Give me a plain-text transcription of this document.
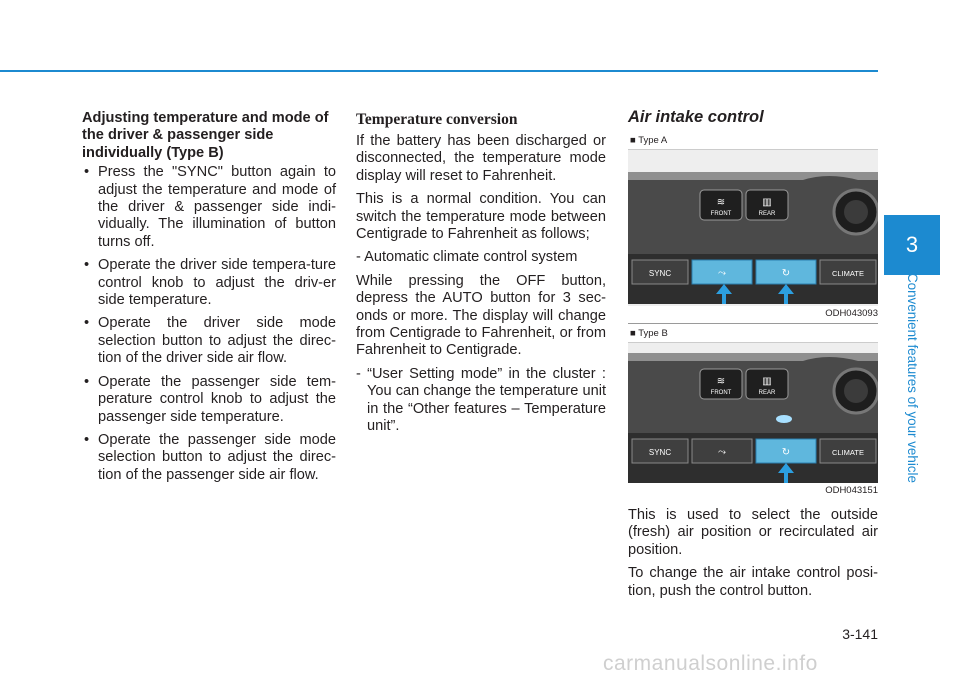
Adjusting temperature and mode of the driver & passenger side individually (Type B)
• Press the "SYNC" button again to adjust the temperature and mode of the driver & passenger side indi-vidually. The illumination of button turns off.
• Operate the driver side tempera-ture control knob to adjust the driv-er side temperature.
• Operate the driver side mode selection button to adjust the direc-tion of the driver side air flow.
• Operate the passenger side tem-perature control knob to adjust the passenger side temperature.
• Operate the passenger side mode selection button to adjust the direc-tion of the passenger side air flow.
Temperature conversion

If the battery has been discharged or disconnected, the temperature mode display will reset to Fahrenheit.

This is a normal condition. You can switch the temperature mode between Centigrade to Fahrenheit as follows;

- Automatic climate control system

While pressing the OFF button, depress the AUTO button for 3 sec-onds or more. The display will change from Centigrade to Fahrenheit, or from Fahrenheit to Centigrade.

- “User Setting mode” in the cluster : You can change the temperature unit in the “Other features – Temperature unit”.

Air intake control
■ Type A
FRONT
≋
REAR
▥
SYNC	⤳	↻	CLIMATE
ODH043093
■ Type B
FRONT
≋
REAR
▥
SYNC	⤳	↻	CLIMATE
ODH043151

This is used to select the outside (fresh) air position or recirculated air position.

To change the air intake control posi-tion, push the control button.

3
Convenient features of your vehicle
3-141
carmanualsonline.info
